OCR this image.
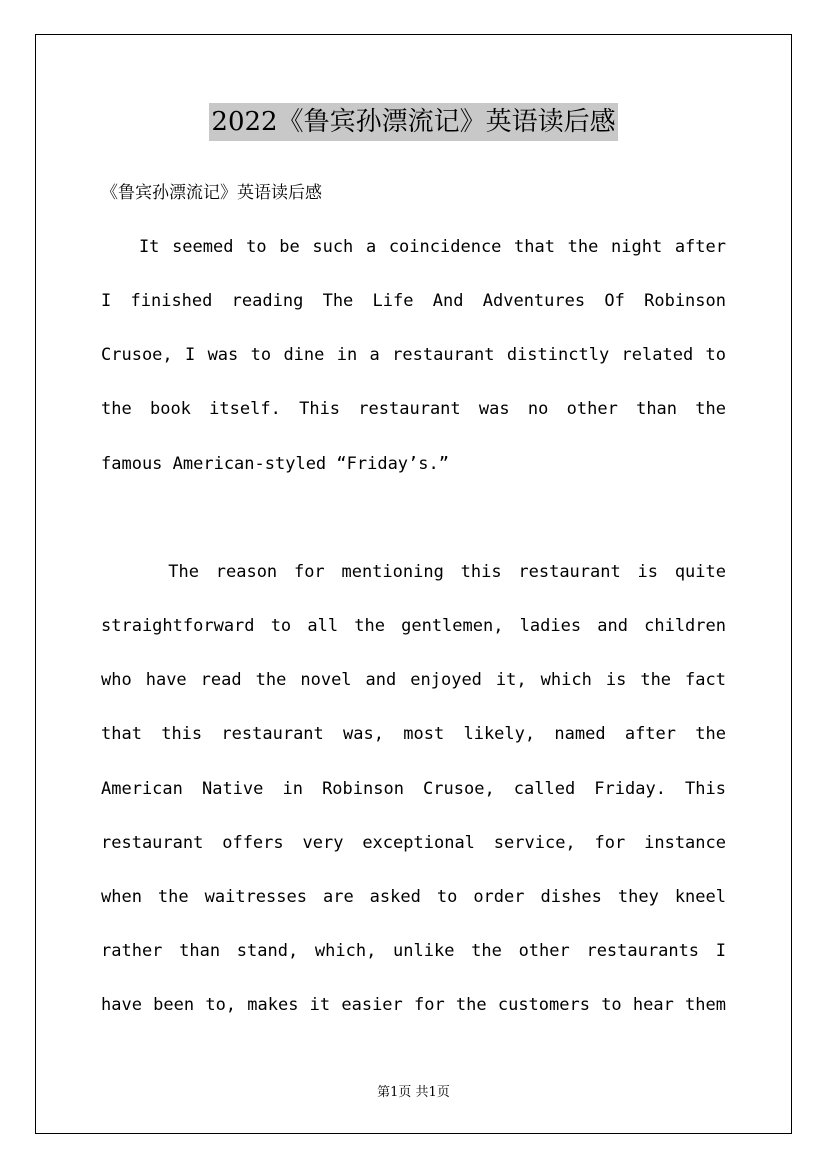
2022《鲁宾孙漂流记》英语读后感
《鲁宾孙漂流记》英语读后感
It seemed to be such a coincidence that the night after
I finished reading The Life And Adventures Of Robinson
Crusoe, I was to dine in a restaurant distinctly related to
the book itself. This restaurant was no other than the
famous American-styled “Friday’s.”
The reason for mentioning this restaurant is quite
straightforward to all the gentlemen, ladies and children
who have read the novel and enjoyed it, which is the fact
that this restaurant was, most likely, named after the
American Native in Robinson Crusoe, called Friday. This
restaurant offers very exceptional service, for instance
when the waitresses are asked to order dishes they kneel
rather than stand, which, unlike the other restaurants I
have been to, makes it easier for the customers to hear them
第1页 共1页
